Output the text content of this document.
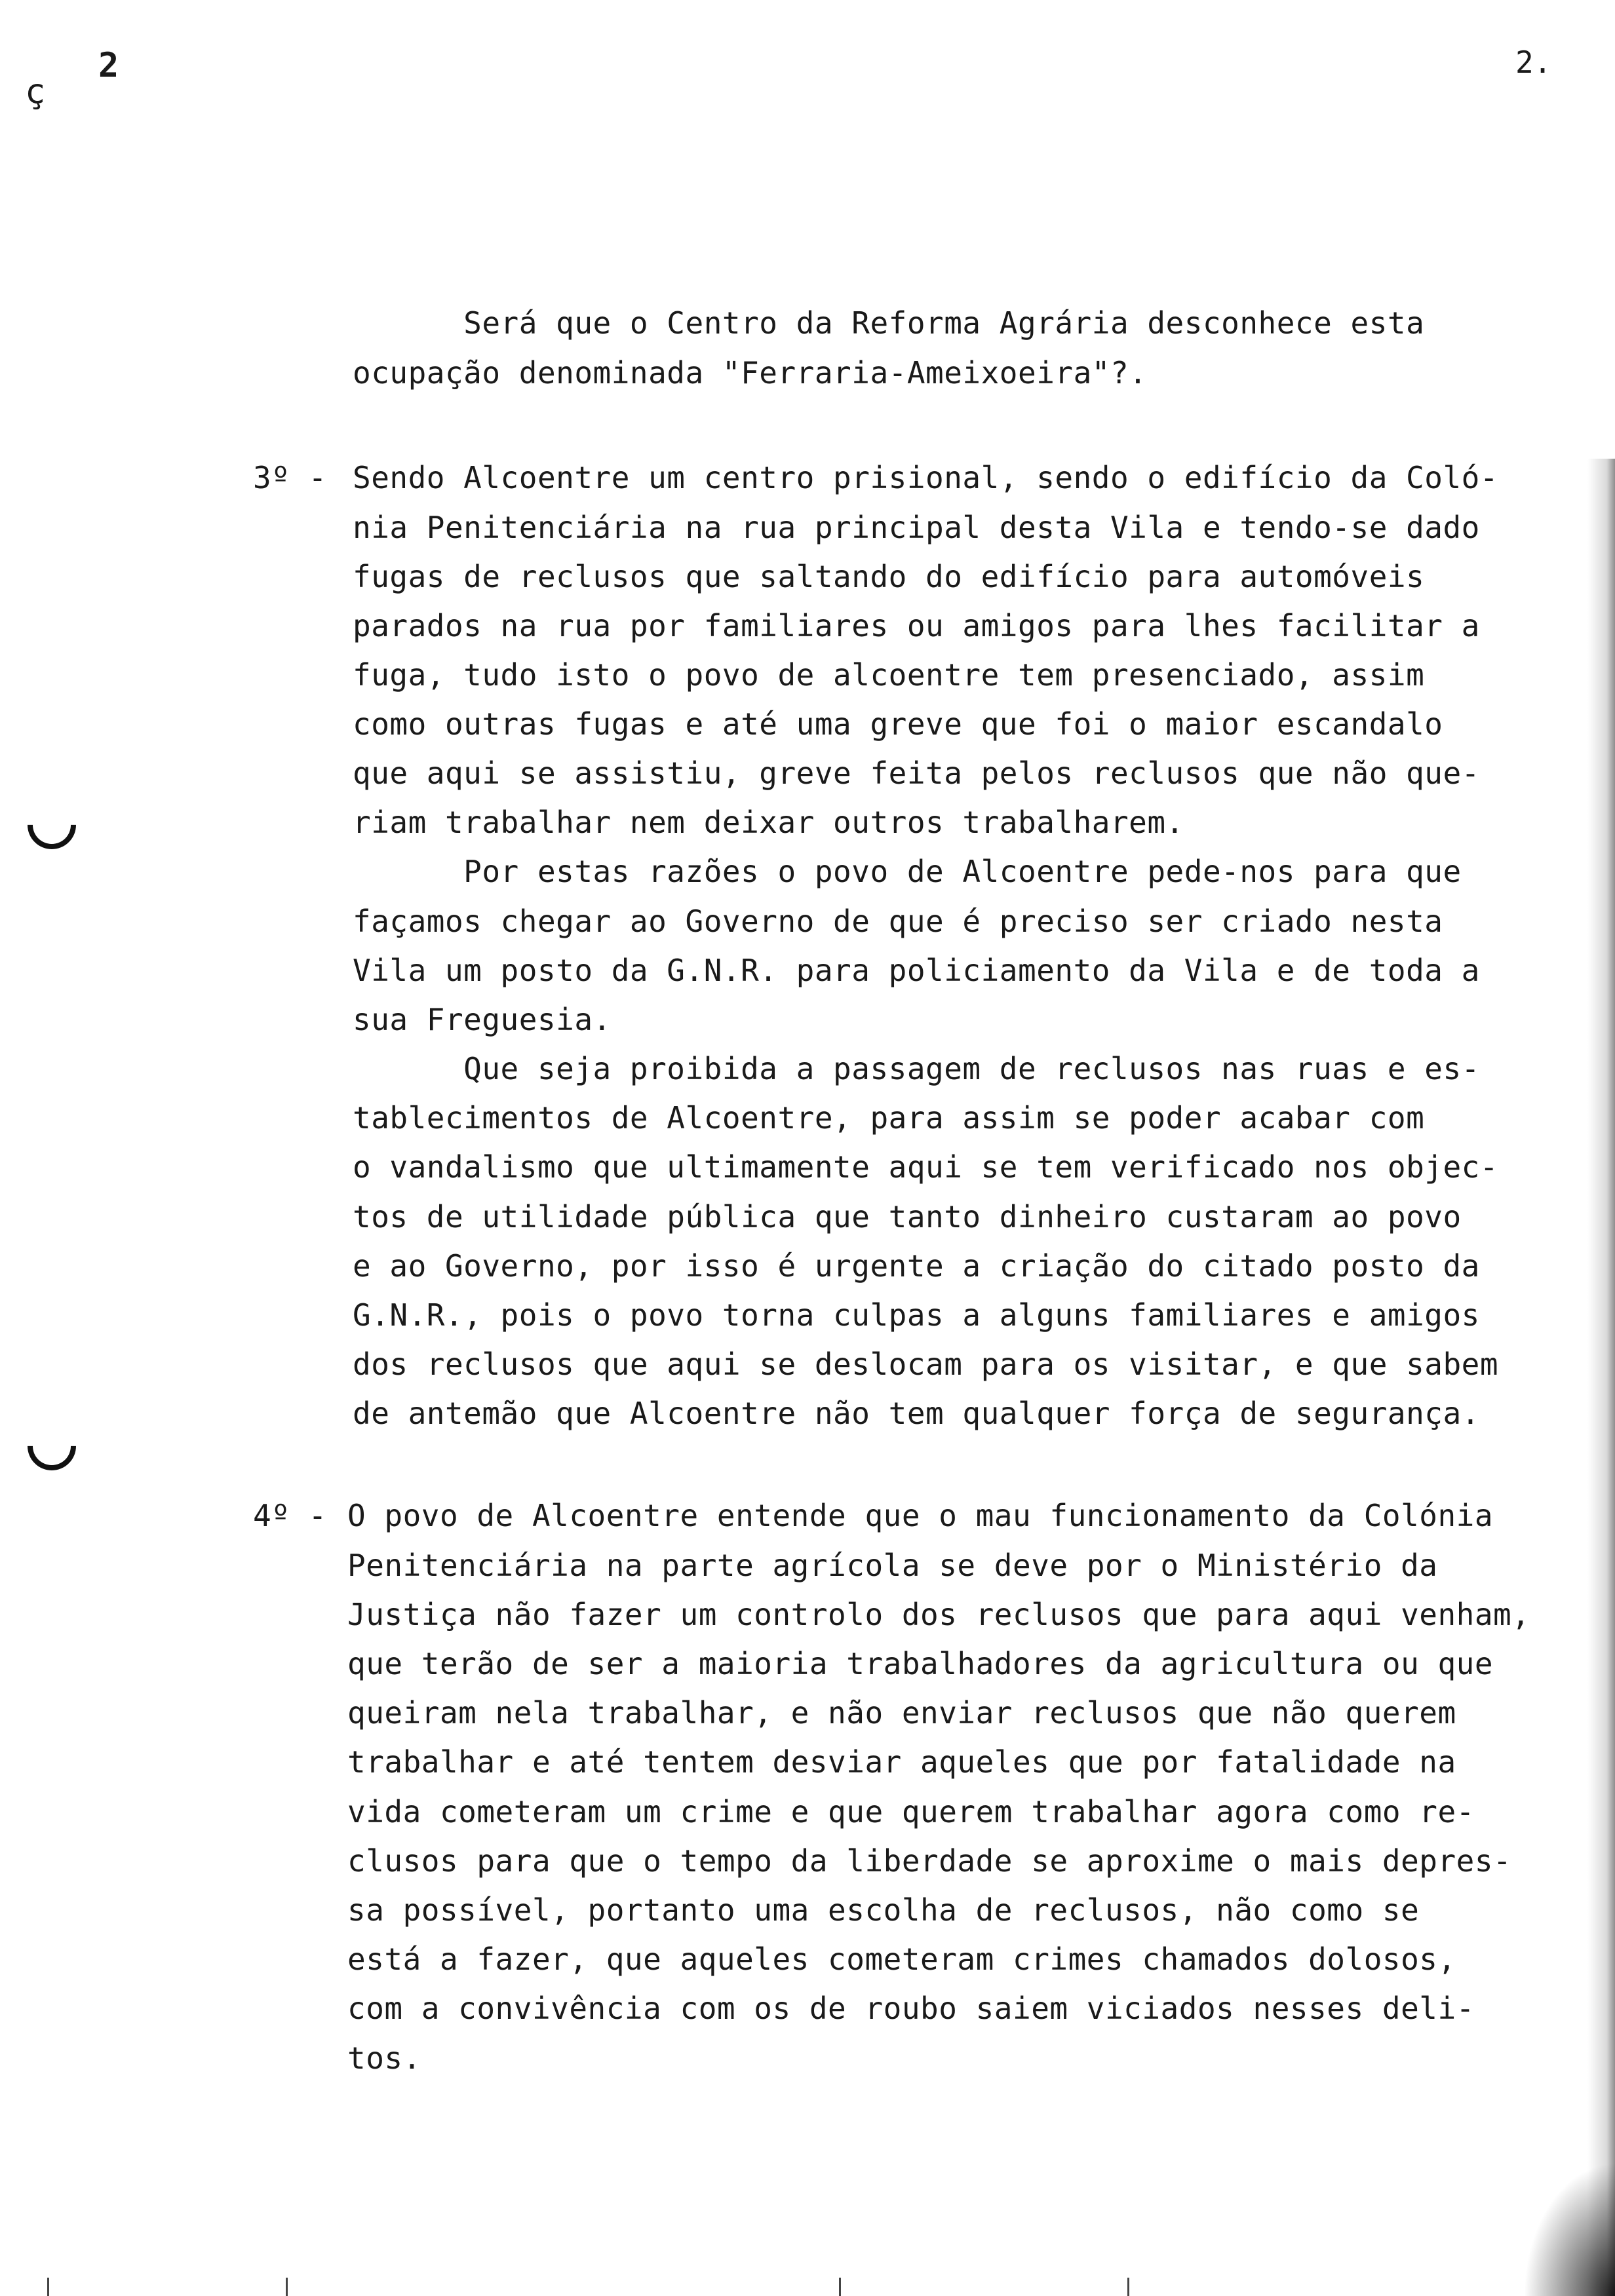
2.
ç
2
Será que o Centro da Reforma Agrária desconhece esta
ocupação denominada "Ferraria-Ameixoeira"?.
3º - Sendo Alcoentre um centro prisional, sendo o edifício da Coló-
nia Penitenciária na rua principal desta Vila e tendo-se dado
fugas de reclusos que saltando do edifício para automóveis
parados na rua por familiares ou amigos para lhes facilitar a
fuga, tudo isto o povo de alcoentre tem presenciado, assim
como outras fugas e até uma greve que foi o maior escandalo
que aqui se assistiu, greve feita pelos reclusos que não que-
riam trabalhar nem deixar outros trabalharem.
Por estas razões o povo de Alcoentre pede-nos para que
façamos chegar ao Governo de que é preciso ser criado nesta
Vila um posto da G.N.R. para policiamento da Vila e de toda a
sua Freguesia.
Que seja proibida a passagem de reclusos nas ruas e es-
tablecimentos de Alcoentre, para assim se poder acabar com
o vandalismo que ultimamente aqui se tem verificado nos objec-
tos de utilidade pública que tanto dinheiro custaram ao povo
e ao Governo, por isso é urgente a criação do citado posto da
G.N.R., pois o povo torna culpas a alguns familiares e amigos
dos reclusos que aqui se deslocam para os visitar, e que sabem
de antemão que Alcoentre não tem qualquer força de segurança.
4º - O povo de Alcoentre entende que o mau funcionamento da Colónia
Penitenciária na parte agrícola se deve por o Ministério da
Justiça não fazer um controlo dos reclusos que para aqui venham,
que terão de ser a maioria trabalhadores da agricultura ou que
queiram nela trabalhar, e não enviar reclusos que não querem
trabalhar e até tentem desviar aqueles que por fatalidade na
vida cometeram um crime e que querem trabalhar agora como re-
clusos para que o tempo da liberdade se aproxime o mais depres-
sa possível, portanto uma escolha de reclusos, não como se
está a fazer, que aqueles cometeram crimes chamados dolosos,
com a convivência com os de roubo saiem viciados nesses deli-
tos.
